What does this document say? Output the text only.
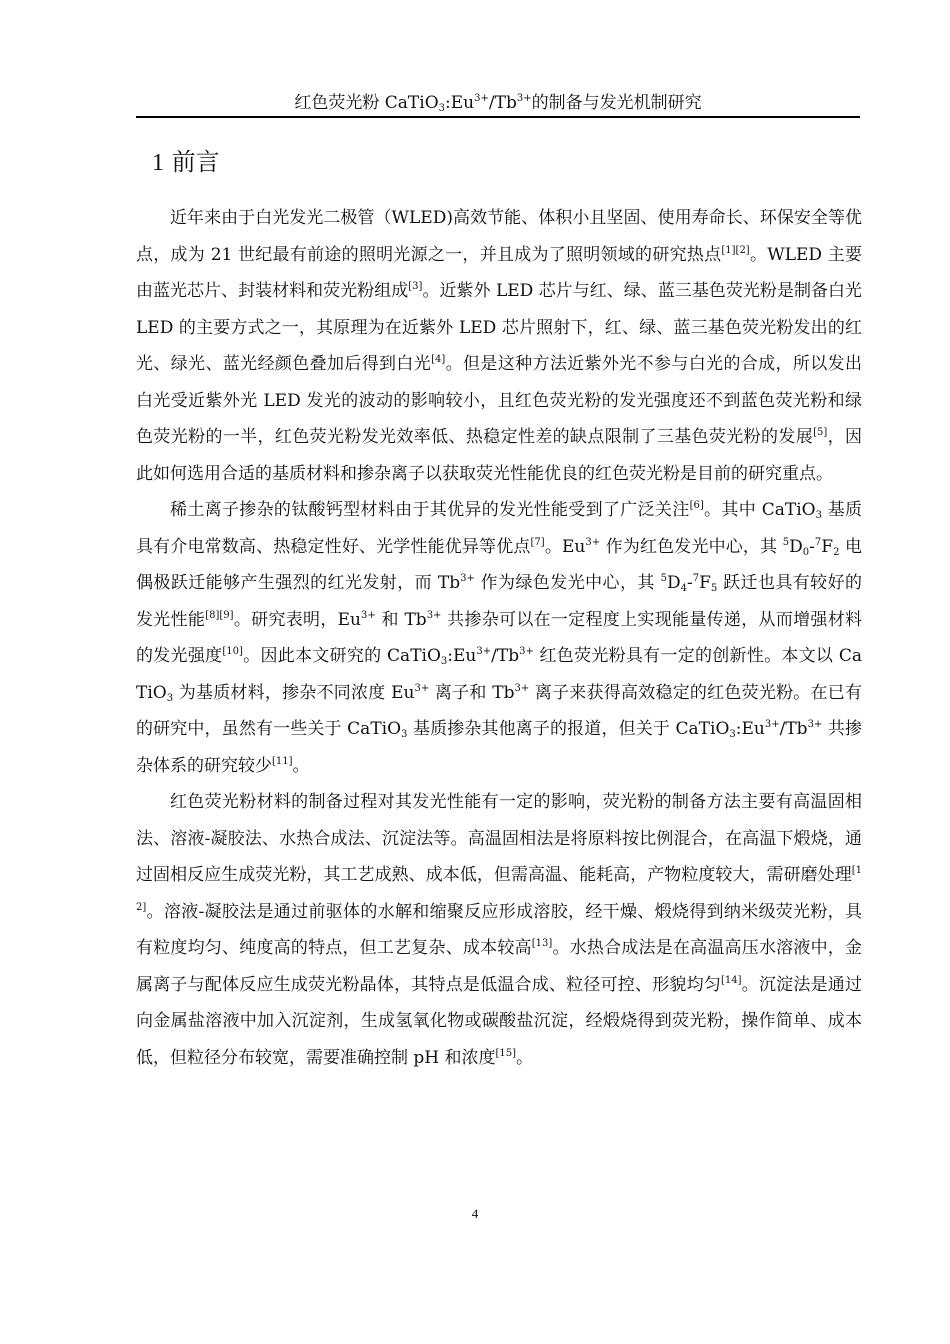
红色荧光粉 $CaTiO_3:Eu^{3+}/Tb^{3+}$的制备与发光机制研究
1 前言

近年来由于白光发光二极管（WLED)高效节能、体积小且坚固、使用寿命长、环保安全等优点，成为 21 世纪最有前途的照明光源之一，并且成为了照明领域的研究热点[1][2]。WLED 主要由蓝光芯片、封装材料和荧光粉组成[3]。近紫外 LED 芯片与红、绿、蓝三基色荧光粉是制备白光 LED 的主要方式之一，其原理为在近紫外 LED 芯片照射下，红、绿、蓝三基色荧光粉发出的红光、绿光、蓝光经颜色叠加后得到白光[4]。但是这种方法近紫外光不参与白光的合成，所以发出白光受近紫外光 LED 发光的波动的影响较小，且红色荧光粉的发光强度还不到蓝色荧光粉和绿色荧光粉的一半，红色荧光粉发光效率低、热稳定性差的缺点限制了三基色荧光粉的发展[5]，因此如何选用合适的基质材料和掺杂离子以获取荧光性能优良的红色荧光粉是目前的研究重点。

稀土离子掺杂的钛酸钙型材料由于其优异的发光性能受到了广泛关注[6]。其中 CaTiO$_3$ 基质具有介电常数高、热稳定性好、光学性能优异等优点[7]。$Eu^{3+}$ 作为红色发光中心，其 $^5D_0-^7F_2$ 电偶极跃迁能够产生强烈的红光发射，而 $Tb^{3+}$ 作为绿色发光中心，其 $^5D_4-^7F_5$ 跃迁也具有较好的发光性能[8][9]。研究表明，$Eu^{3+}$ 和 $Tb^{3+}$ 共掺杂可以在一定程度上实现能量传递，从而增强材料的发光强度[10]。因此本文研究的 $CaTiO_3:Eu^{3+}/Tb^{3+}$ 红色荧光粉具有一定的创新性。本文以 CaTiO$_3$ 为基质材料，掺杂不同浓度 $Eu^{3+}$ 离子和 $Tb^{3+}$ 离子来获得高效稳定的红色荧光粉。在已有的研究中，虽然有一些关于 CaTiO$_3$ 基质掺杂其他离子的报道，但关于 $CaTiO_3:Eu^{3+}/Tb^{3+}$ 共掺杂体系的研究较少[11]。

红色荧光粉材料的制备过程对其发光性能有一定的影响，荧光粉的制备方法主要有高温固相法、溶液-凝胶法、水热合成法、沉淀法等。高温固相法是将原料按比例混合，在高温下煅烧，通过固相反应生成荧光粉，其工艺成熟、成本低，但需高温、能耗高，产物粒度较大，需研磨处理[12]。溶液-凝胶法是通过前驱体的水解和缩聚反应形成溶胶，经干燥、煅烧得到纳米级荧光粉，具有粒度均匀、纯度高的特点，但工艺复杂、成本较高[13]。水热合成法是在高温高压水溶液中，金属离子与配体反应生成荧光粉晶体，其特点是低温合成、粒径可控、形貌均匀[14]。沉淀法是通过向金属盐溶液中加入沉淀剂，生成氢氧化物或碳酸盐沉淀，经煅烧得到荧光粉，操作简单、成本低，但粒径分布较宽，需要准确控制 pH 和浓度[15]。

4
